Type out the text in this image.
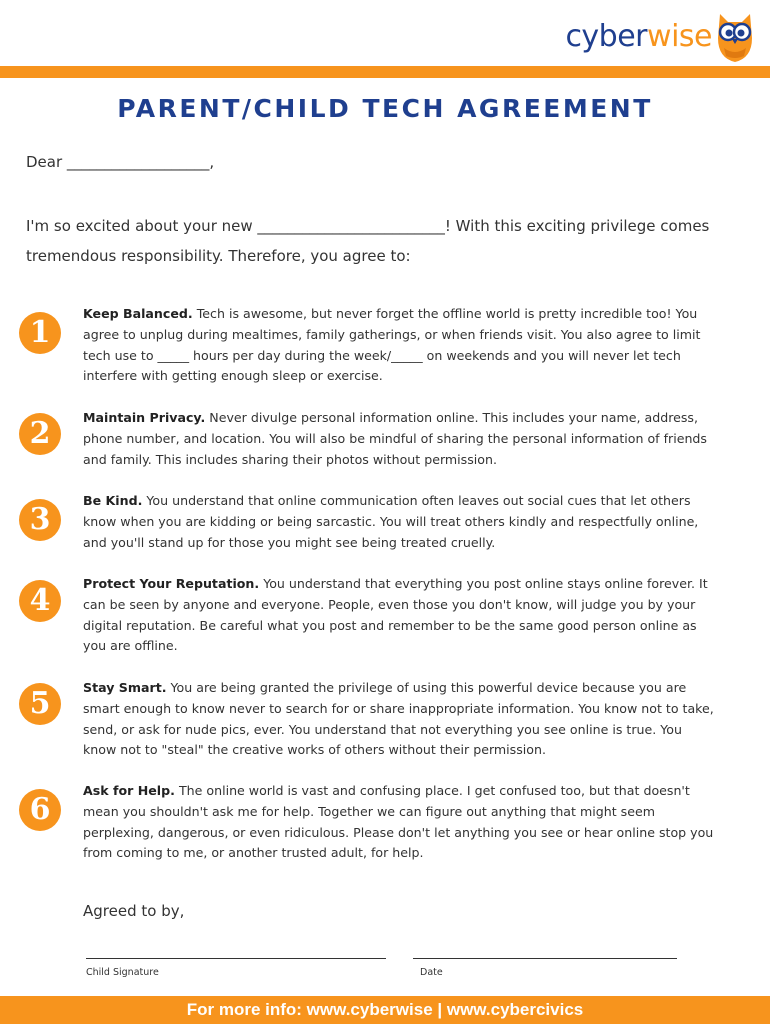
cyberwise
PARENT/CHILD TECH AGREEMENT
Dear ___________________,
I'm so excited about your new _________________________! With this exciting privilege comes tremendous responsibility. Therefore, you agree to:
1
Keep Balanced. Tech is awesome, but never forget the offline world is pretty incredible too! You agree to unplug during mealtimes, family gatherings, or when friends visit. You also agree to limit tech use to _____ hours per day during the week/_____ on weekends and you will never let tech interfere with getting enough sleep or exercise.
2	Maintain Privacy. Never divulge personal information online. This includes your name, address, phone number, and location. You will also be mindful of sharing the personal information of friends and family. This includes sharing their photos without permission.
3
Be Kind. You understand that online communication often leaves out social cues that let others know when you are kidding or being sarcastic. You will treat others kindly and respectfully online, and you'll stand up for those you might see being treated cruelly.
4	Protect Your Reputation. You understand that everything you post online stays online forever. It can be seen by anyone and everyone. People, even those you don't know, will judge you by your digital reputation. Be careful what you post and remember to be the same good person online as you are offline.
5	Stay Smart. You are being granted the privilege of using this powerful device because you are smart enough to know never to search for or share inappropriate information. You know not to take, send, or ask for nude pics, ever. You understand that not everything you see online is true. You know not to "steal" the creative works of others without their permission.
6
Ask for Help. The online world is vast and confusing place. I get confused too, but that doesn't mean you shouldn't ask me for help. Together we can figure out anything that might seem perplexing, dangerous, or even ridiculous. Please don't let anything you see or hear online stop you from coming to me, or another trusted adult, for help.
Agreed to by,
Child Signature	Date
For more info: www.cyberwise | www.cybercivics
